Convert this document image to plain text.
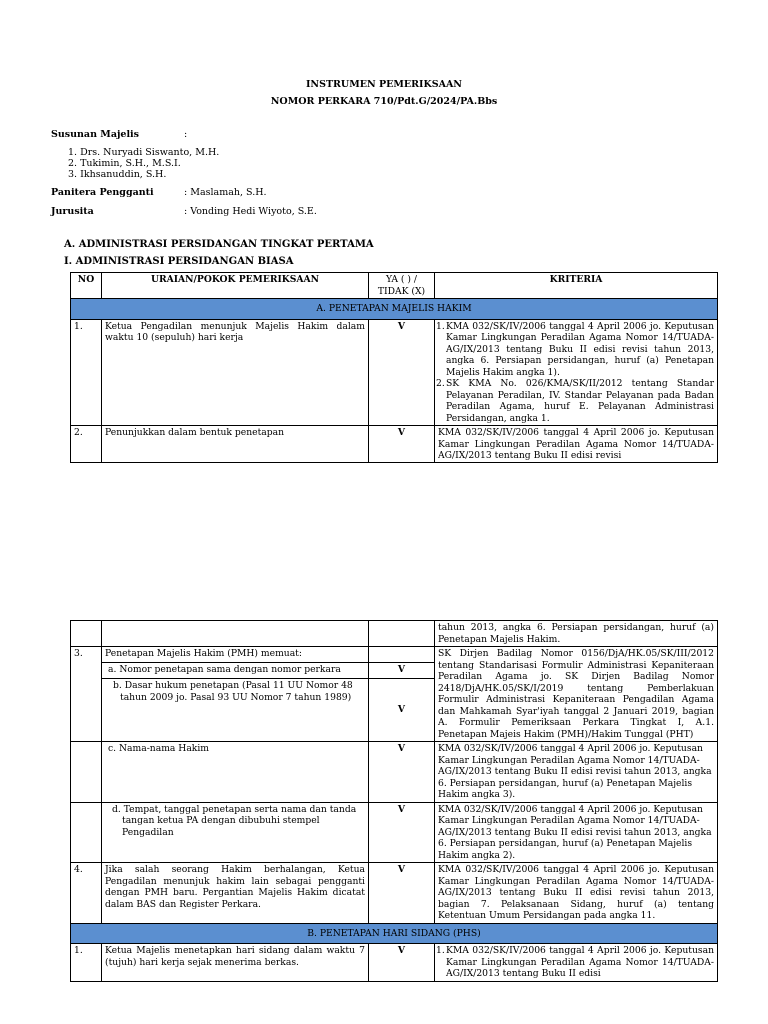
INSTRUMEN PEMERIKSAAN
NOMOR PERKARA 710/Pdt.G/2024/PA.Bbs
Susunan Majelis	:
1. Drs. Nuryadi Siswanto, M.H.
2. Tukimin, S.H., M.S.I.
3. Ikhsanuddin, S.H.
Panitera Pengganti	: Maslamah, S.H.
Jurusita	: Vonding Hedi Wiyoto, S.E.
A. ADMINISTRASI PERSIDANGAN TINGKAT PERTAMA
I. ADMINISTRASI PERSIDANGAN BIASA
NO	URAIAN/POKOK PEMERIKSAAN	YA ( ) / TIDAK (X)	KRITERIA
A. PENETAPAN MAJELIS HAKIM			
1.	Ketua Pengadilan menunjuk Majelis Hakim dalam waktu 10 (sepuluh) hari kerja	V	1. KMA 032/SK/IV/2006 tanggal 4 April 2006 jo. Keputusan Kamar Lingkungan Peradilan Agama Nomor 14/TUADA-AG/IX/2013 tentang Buku II edisi revisi tahun 2013, angka 6. Persiapan persidangan, huruf (a) Penetapan Majelis Hakim angka 1).
2. SK KMA No. 026/KMA/SK/II/2012 tentang Standar Pelayanan Peradilan, IV. Standar Pelayanan pada Badan Peradilan Agama, huruf E. Pelayanan Administrasi Persidangan, angka 1.

2.	Penunjukkan dalam bentuk penetapan	V	KMA 032/SK/IV/2006 tanggal 4 April 2006 jo. Keputusan Kamar Lingkungan Peradilan Agama Nomor 14/TUADA-AG/IX/2013 tentang Buku II edisi revisi
			tahun 2013, angka 6. Persiapan persidangan, huruf (a) Penetapan Majelis Hakim.
3.	Penetapan Majelis Hakim (PMH) memuat:		SK Dirjen Badilag Nomor 0156/DjA/HK.05/SK/III/2012 tentang Standarisasi Formulir Administrasi Kepaniteraan Peradilan Agama jo. SK Dirjen Badilag Nomor 2418/DjA/HK.05/SK/I/2019 tentang Pemberlakuan Formulir Administrasi Kepaniteraan Pengadilan Agama dan Mahkamah Syar'iyah tanggal 2 Januari 2019, bagian A. Formulir Pemeriksaan Perkara Tingkat I, A.1. Penetapan Majeis Hakim (PMH)/Hakim Tunggal (PHT)
	a. Nomor penetapan sama dengan nomor perkara	V	

	b. Dasar hukum penetapan (Pasal 11 UU Nomor 48 tahun 2009 jo. Pasal 93 UU Nomor 7 tahun 1989)	V	
	c. Nama-nama Hakim	V	KMA 032/SK/IV/2006 tanggal 4 April 2006 jo. Keputusan Kamar Lingkungan Peradilan Agama Nomor 14/TUADA-AG/IX/2013 tentang Buku II edisi revisi tahun 2013, angka 6. Persiapan persidangan, huruf (a) Penetapan Majelis Hakim angka 3).

	d. Tempat, tanggal penetapan serta nama dan tanda tangan ketua PA dengan dibubuhi stempel Pengadilan	V	KMA 032/SK/IV/2006 tanggal 4 April 2006 jo. Keputusan Kamar Lingkungan Peradilan Agama Nomor 14/TUADA-AG/IX/2013 tentang Buku II edisi revisi tahun 2013, angka 6. Persiapan persidangan, huruf (a) Penetapan Majelis Hakim angka 2).
4.	Jika salah seorang Hakim berhalangan, Ketua Pengadilan menunjuk hakim lain sebagai pengganti dengan PMH baru. Pergantian Majelis Hakim dicatat dalam BAS dan Register Perkara.	V	KMA 032/SK/IV/2006 tanggal 4 April 2006 jo. Keputusan Kamar Lingkungan Peradilan Agama Nomor 14/TUADA-AG/IX/2013 tentang Buku II edisi revisi tahun 2013, bagian 7. Pelaksanaan Sidang, huruf (a) tentang Ketentuan Umum Persidangan pada angka 11.
B. PENETAPAN HARI SIDANG (PHS)			
1.	Ketua Majelis menetapkan hari sidang dalam waktu 7 (tujuh) hari kerja sejak menerima berkas.	V	1. KMA 032/SK/IV/2006 tanggal 4 April 2006 jo. Keputusan Kamar Lingkungan Peradilan Agama Nomor 14/TUADA-AG/IX/2013 tentang Buku II edisi
